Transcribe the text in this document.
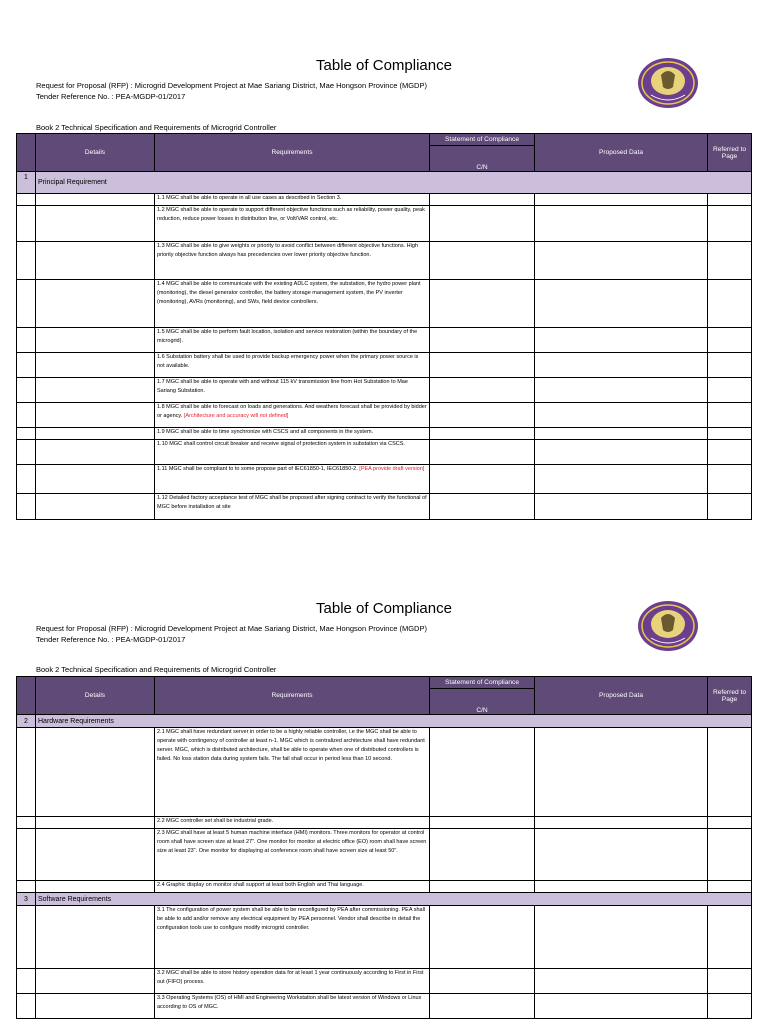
Table of Compliance
Request for Proposal (RFP) : Microgrid Development Project at Mae Sariang District, Mae Hongson Province (MGDP)
Tender Reference No. : PEA-MGDP-01/2017
Book 2 Technical Specification and Requirements of Microgrid Controller
	Details	Requirements	Statement of Compliance	Proposed Data	Referred to Page
			C/N		
1	Principal Requirement				
		1.1 MGC shall be able to operate in all use cases as described in Section 3.			
		1.2 MGC shall be able to operate to support different objective functions such as reliability, power quality, peak reduction, reduce power losses in distribution line, or Volt/VAR control, etc.			
		1.3 MGC shall be able to give weights or priority to avoid conflict between different objective functions. High priority objective function always has precedencies over lower priority objective function.			
		1.4 MGC shall be able to communicate with the existing ADLC system, the substation, the hydro power plant (monitoring), the diesel generator controller, the battery storage management system, the PV inverter (monitoring), AVRs (monitoring), and SWs, field device controllers.			
		1.5 MGC shall be able to perform fault location, isolation and service restoration (within the boundary of the microgrid).			
		1.6 Substation battery shall be used to provide backup emergency power when the primary power source is not available.			
		1.7 MGC shall be able to operate with and without 115 kV transmission line from Hot Substation to Mae Sariang Substation.			
		1.8 MGC shall be able to forecast on loads and generations. And weathers forecast shall be provided by bidder or agency. [Architecture and accuracy will not defined]			
		1.9 MGC shall be able to time synchronize with CSCS and all components in the system.			
		1.10 MGC shall control circuit breaker and receive signal of protection system in substation via CSCS.			
		1.11 MGC shall be compliant to to some propose part of IEC61850-1, IEC61850-2. [PEA provide draft version]			
		1.12 Detailed factory acceptance test of MGC shall be proposed after signing contract to verify the functional of MGC before installation at site			
Table of Compliance
Request for Proposal (RFP) : Microgrid Development Project at Mae Sariang District, Mae Hongson Province (MGDP)
Tender Reference No. : PEA-MGDP-01/2017
Book 2 Technical Specification and Requirements of Microgrid Controller
	Details	Requirements	Statement of Compliance	Proposed Data	Referred to Page
			C/N		
2	Hardware Requirements				
		2.1 MGC shall have redundant server in order to be a highly reliable controller, i.e the MGC shall be able to operate with contingency of controller at least n-1. MGC which is centralized architecture shall have redundant server. MGC, which is distributed architecture, shall be able to operate when one of distributed controllers is failed. No loss station data during system fails. The fail shall occur in period less than 10 second.			
		2.2 MGC controller set shall be industrial grade.			
		2.3 MGC shall have at least 5 human machine interface (HMI) monitors. Three monitors for operator at control room shall have screen size at least 27". One monitor for monitor at electric office (EO) room shall have screen size at least 23". One monitor for displaying at conference room shall have screen size at least 50".			
		2.4 Graphic display on monitor shall support at least both English and Thai language.			
3	Software Requirements				
		3.1 The configuration of power system shall be able to be reconfigured by PEA after commissioning. PEA shall be able to add and/or remove any electrical equipment by PEA personnel. Vendor shall describe in detail the configuration tools use to configure modify microgrid controller.			
		3.2 MGC shall be able to store history operation data for at least 1 year continuously according to First in First out (FIFO) process.			
		3.3 Operating Systems (OS) of HMI and Engineering Workstation shall be latest version of Windows or Linux according to OS of MGC.			
